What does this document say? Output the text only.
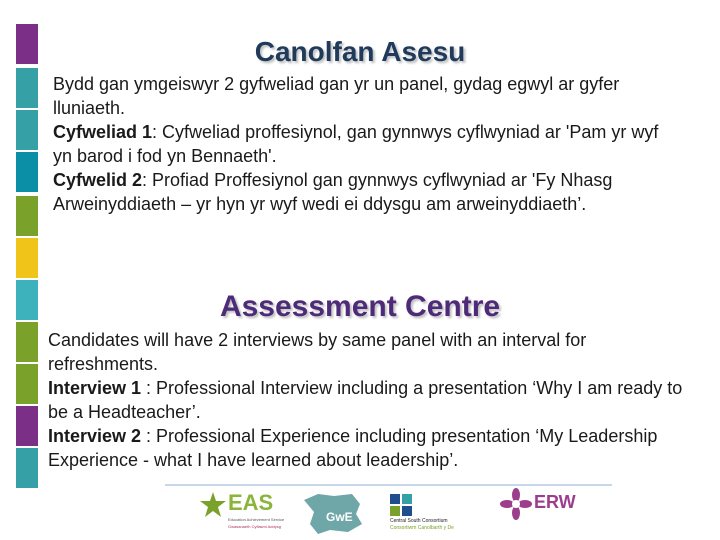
Canolfan Asesu

Bydd gan ymgeiswyr 2 gyfweliad gan yr un panel, gydag egwyl ar gyfer lluniaeth.

Cyfweliad 1: Cyfweliad proffesiynol, gan gynnwys cyflwyniad ar 'Pam yr wyf yn barod i fod yn Bennaeth'.

Cyfwelid 2: Profiad Proffesiynol gan gynnwys cyflwyniad ar 'Fy Nhasg Arweinyddiaeth – yr hyn yr wyf wedi ei ddysgu am arweinyddiaeth’.

Assessment Centre

Candidates will have 2 interviews by same panel with an interval for refreshments.

Interview 1 : Professional Interview including a presentation ‘Why I am ready to be a Headteacher’.

Interview 2 : Professional Experience including presentation ‘My Leadership Experience - what I have learned about leadership’.

EAS
Education Achievement Service
Gwasanaeth Cyflawni Addysg
GwE	Central South Consortium
Consortiwm Canolbarth y De
ERW
